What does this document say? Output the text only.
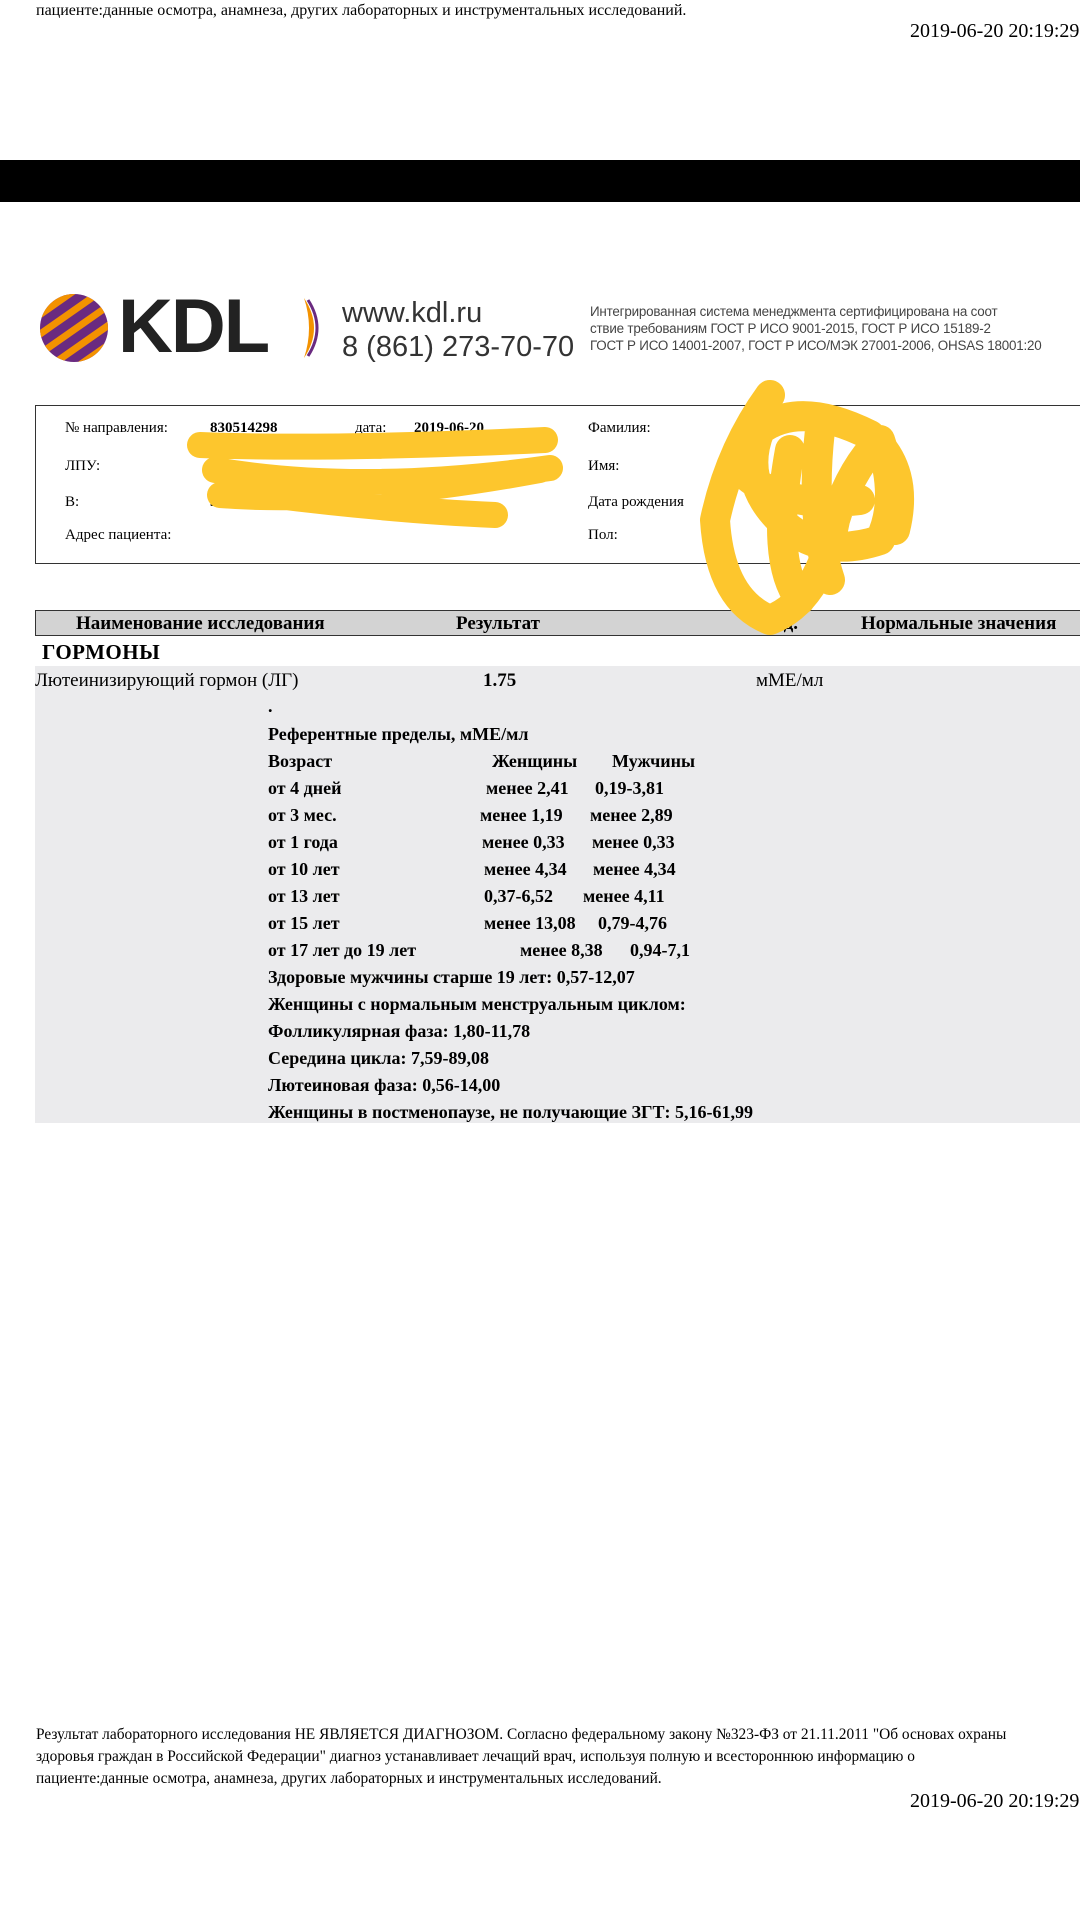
пациенте:данные осмотра, анамнеза, других лабораторных и инструментальных исследований.
2019-06-20 20:19:29
KDL	www.kdl.ru
8 (861) 273-70-70
Интегрированная система менеджмента сертифицирована на соот
ствие требованиям ГОСТ Р ИСО 9001-2015, ГОСТ Р ИСО 15189-2
ГОСТ Р ИСО 14001-2007, ГОСТ Р ИСО/МЭК 27001-2006, OHSAS 18001:20
№ направления:	830514298	дата: 2019-06-20
ЛПУ:	8
В:	3000
Адрес пациента:
Фамилия:
Имя:
Дата рождения
Пол:
Наименование исследования	Результат	Ед.	Нормальные значения
ГОРМОНЫ
Лютеинизирующий гормон (ЛГ)	1.75	мМЕ/мл
.
Референтные пределы, мМЕ/мл
Возраст	Женщины Мужчины
от 4 дней	менее 2,41 0,19-3,81
от 3 мес.	менее 1,19 менее 2,89
от 1 года	менее 0,33 менее 0,33
от 10 лет	менее 4,34 менее 4,34
от 13 лет	0,37-6,52 менее 4,11
от 15 лет	менее 13,08 0,79-4,76
от 17 лет до 19 лет	менее 8,38 0,94-7,1
Здоровые мужчины старше 19 лет: 0,57-12,07
Женщины с нормальным менструальным циклом:
Фолликулярная фаза: 1,80-11,78
Середина цикла: 7,59-89,08
Лютеиновая фаза: 0,56-14,00
Женщины в постменопаузе, не получающие ЗГТ: 5,16-61,99
Результат лабораторного исследования НЕ ЯВЛЯЕТСЯ ДИАГНОЗОМ. Согласно федеральному закону №323-ФЗ от 21.11.2011 "Об основах охраны
здоровья граждан в Российской Федерации" диагноз устанавливает лечащий врач, используя полную и всестороннюю информацию о
пациенте:данные осмотра, анамнеза, других лабораторных и инструментальных исследований.
2019-06-20 20:19:29
